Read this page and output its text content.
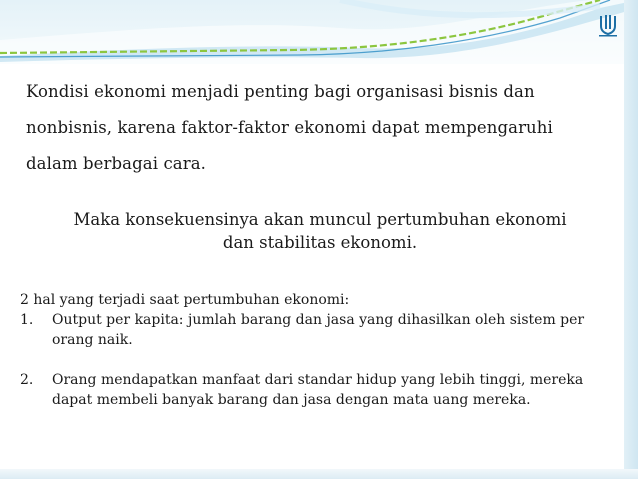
Kondisi ekonomi menjadi penting bagi organisasi bisnis dan

nonbisnis, karena faktor-faktor ekonomi dapat mempengaruhi

dalam berbagai cara.

Maka konsekuensinya akan muncul pertumbuhan ekonomi

dan stabilitas ekonomi.

2 hal yang terjadi saat pertumbuhan ekonomi:

1. Output per kapita: jumlah barang dan jasa yang dihasilkan oleh sistem per orang naik.
2. Orang mendapatkan manfaat dari standar hidup yang lebih tinggi, mereka dapat membeli banyak barang dan jasa dengan mata uang mereka.
